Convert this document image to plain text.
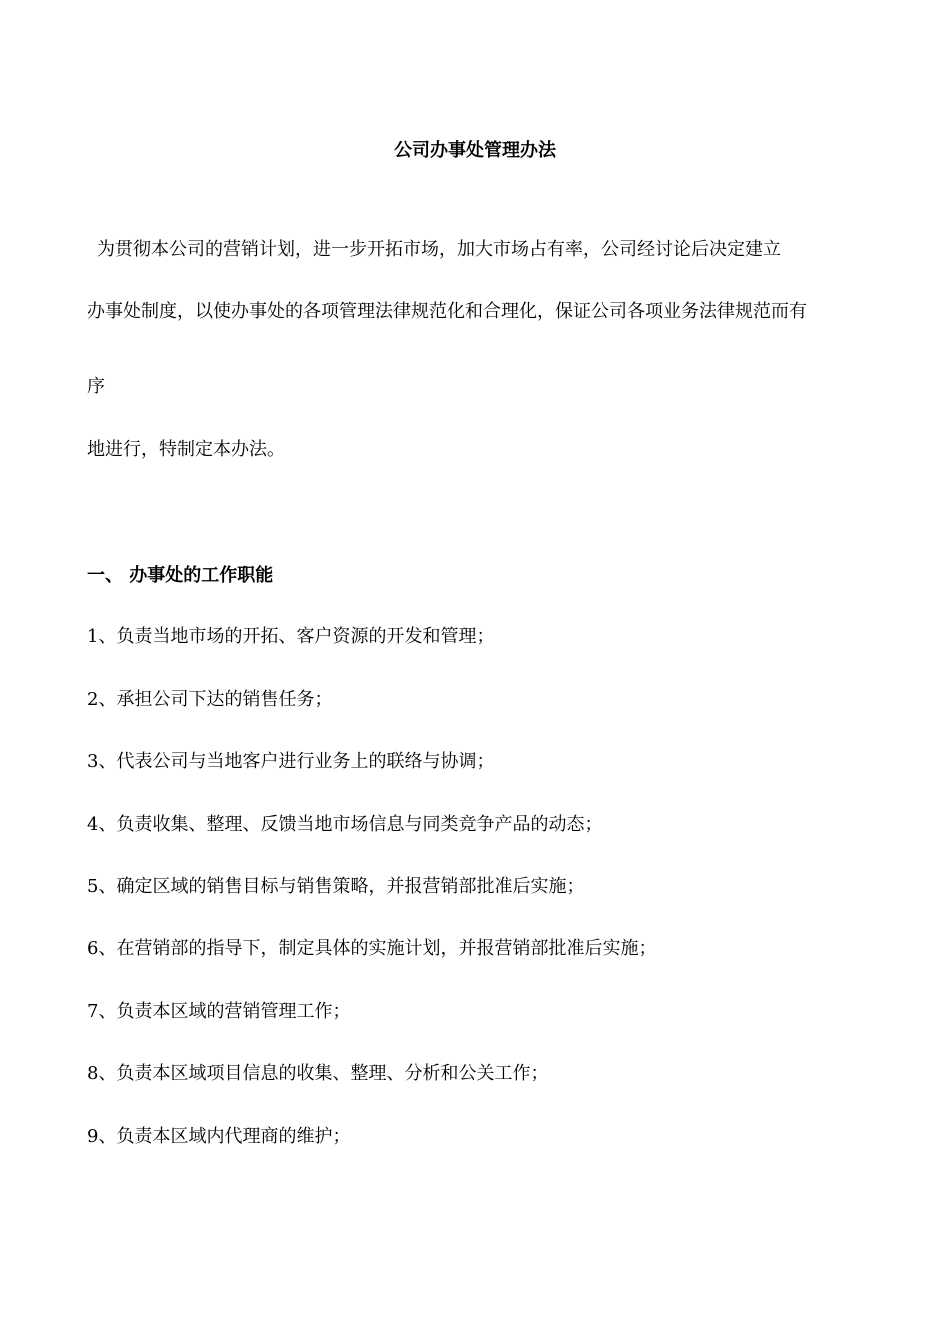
公司办事处管理办法
为贯彻本公司的营销计划，进一步开拓市场，加大市场占有率，公司经讨论后决定建立
办事处制度，以使办事处的各项管理法律规范化和合理化，保证公司各项业务法律规范而有
序
地进行，特制定本办法。
一、 办事处的工作职能
1、负责当地市场的开拓、客户资源的开发和管理；
2、承担公司下达的销售任务；
3、代表公司与当地客户进行业务上的联络与协调；
4、负责收集、整理、反馈当地市场信息与同类竞争产品的动态；
5、确定区域的销售目标与销售策略，并报营销部批准后实施；
6、在营销部的指导下，制定具体的实施计划，并报营销部批准后实施；
7、负责本区域的营销管理工作；
8、负责本区域项目信息的收集、整理、分析和公关工作；
9、负责本区域内代理商的维护；
